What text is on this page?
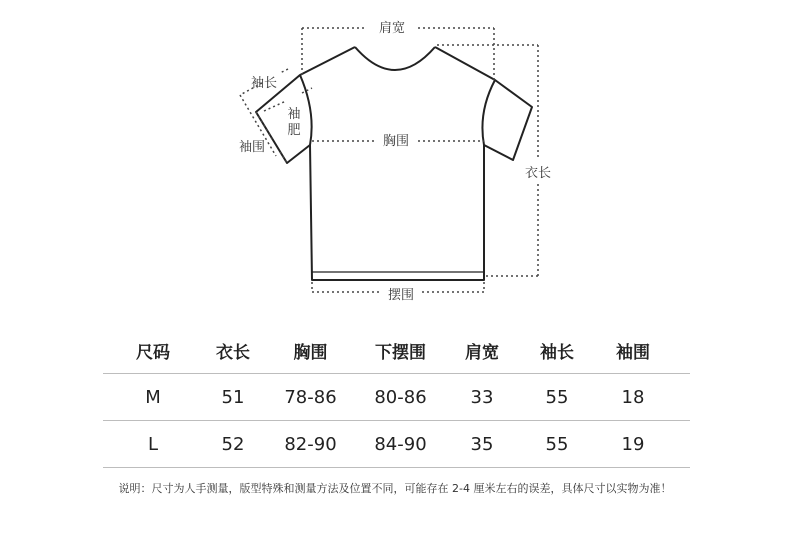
肩宽
袖长
袖
肥
袖围	胸围
衣长
摆围
尺码	衣长	胸围	下摆围	肩宽	袖长	袖围
M	51	78-86	80-86	33	55	18
L	52	82-90	84-90	35	55	19
说明：尺寸为人手测量，版型特殊和测量方法及位置不同，可能存在 2-4 厘米左右的误差，具体尺寸以实物为准！
